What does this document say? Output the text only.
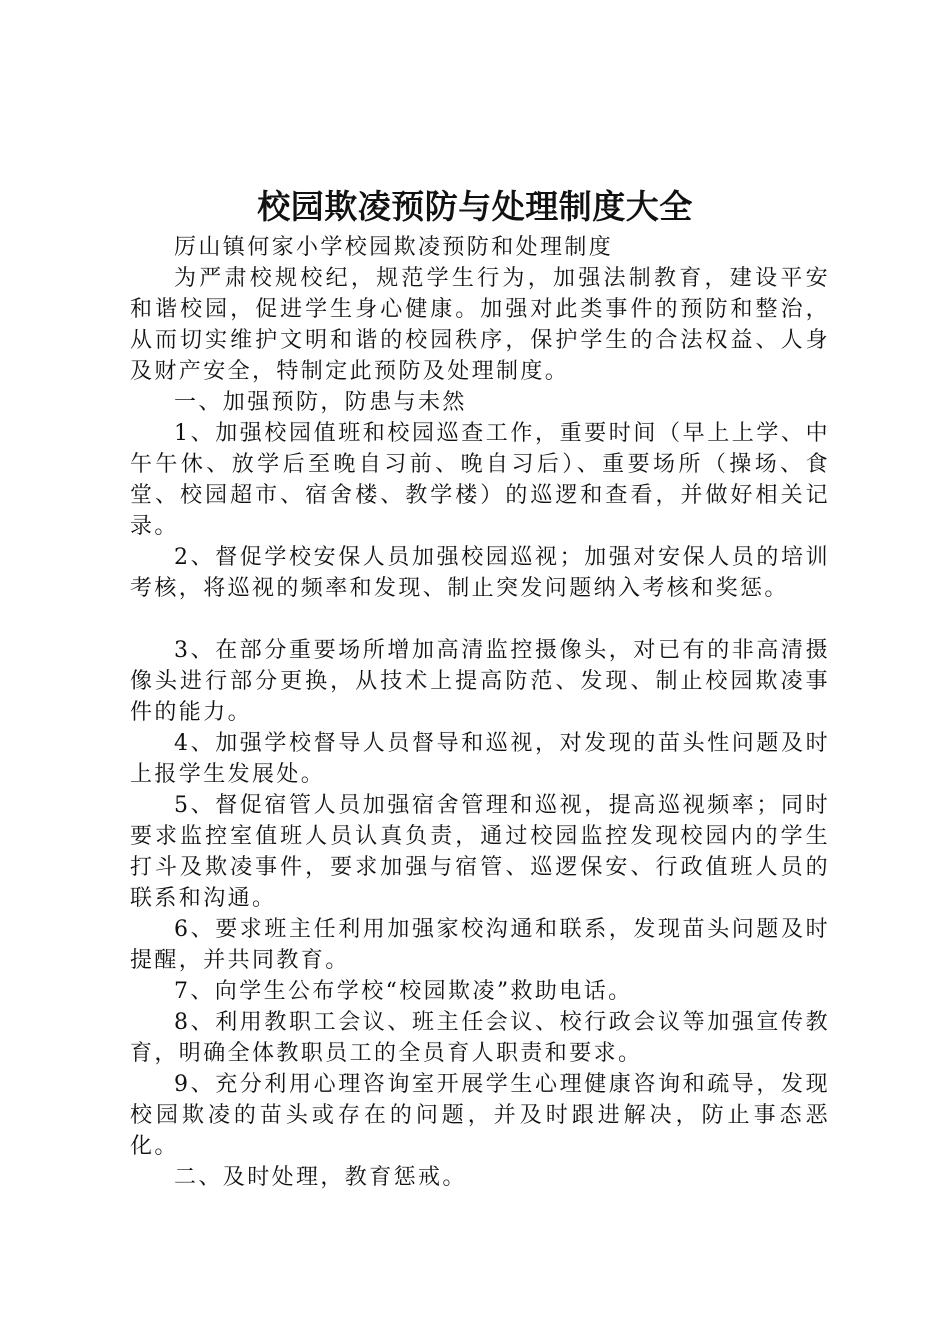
校园欺凌预防与处理制度大全

厉山镇何家小学校园欺凌预防和处理制度

为严肃校规校纪，规范学生行为，加强法制教育，建设平安和谐校园，促进学生身心健康。加强对此类事件的预防和整治，从而切实维护文明和谐的校园秩序，保护学生的合法权益、人身及财产安全，特制定此预防及处理制度。

一、加强预防，防患与未然

1、加强校园值班和校园巡查工作，重要时间（早上上学、中午午休、放学后至晚自习前、晚自习后）、重要场所（操场、食堂、校园超市、宿舍楼、教学楼）的巡逻和查看，并做好相关记录。

2、督促学校安保人员加强校园巡视；加强对安保人员的培训考核，将巡视的频率和发现、制止突发问题纳入考核和奖惩。

3、在部分重要场所增加高清监控摄像头，对已有的非高清摄像头进行部分更换，从技术上提高防范、发现、制止校园欺凌事件的能力。

4、加强学校督导人员督导和巡视，对发现的苗头性问题及时上报学生发展处。

5、督促宿管人员加强宿舍管理和巡视，提高巡视频率；同时要求监控室值班人员认真负责，通过校园监控发现校园内的学生打斗及欺凌事件，要求加强与宿管、巡逻保安、行政值班人员的联系和沟通。

6、要求班主任利用加强家校沟通和联系，发现苗头问题及时提醒，并共同教育。

7、向学生公布学校“校园欺凌”救助电话。

8、利用教职工会议、班主任会议、校行政会议等加强宣传教育，明确全体教职员工的全员育人职责和要求。

9、充分利用心理咨询室开展学生心理健康咨询和疏导，发现校园欺凌的苗头或存在的问题，并及时跟进解决，防止事态恶化。

二、及时处理，教育惩戒。
